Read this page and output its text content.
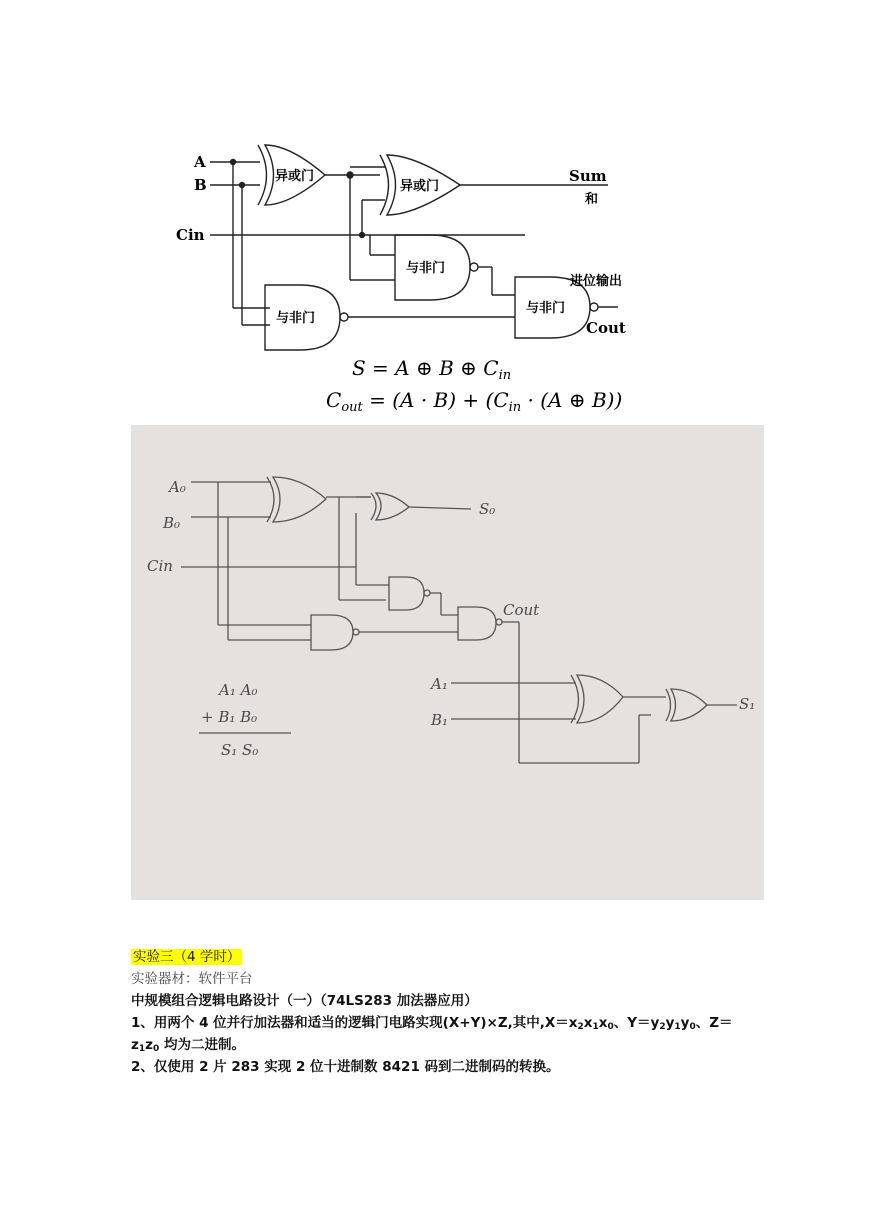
A
B
Cin
异或门
异或门
与非门
与非门
与非门
Sum
和
进位输出
Cout
S = A ⊕ B ⊕ $C_{in}$
$C_{out} = (A \cdot B) + (C_{in} \cdot (A$ ⊕ B))
A₀
B₀
Cin
S₀
Cout
A₁
B₁
S₁
A₁ A₀
+ B₁ B₀
S₁ S₀
实验三（4 学时）
实验器材：软件平台
中规模组合逻辑电路设计（一）（74LS283 加法器应用）
1、用两个 4 位并行加法器和适当的逻辑门电路实现(X+Y)×Z,其中$,X=x_2x_1x_0$、$Y=y_2y_1y_0$、Z＝
$z_1z_0$ 均为二进制。
2、仅使用 2 片 283 实现 2 位十进制数 8421 码到二进制码的转换。
